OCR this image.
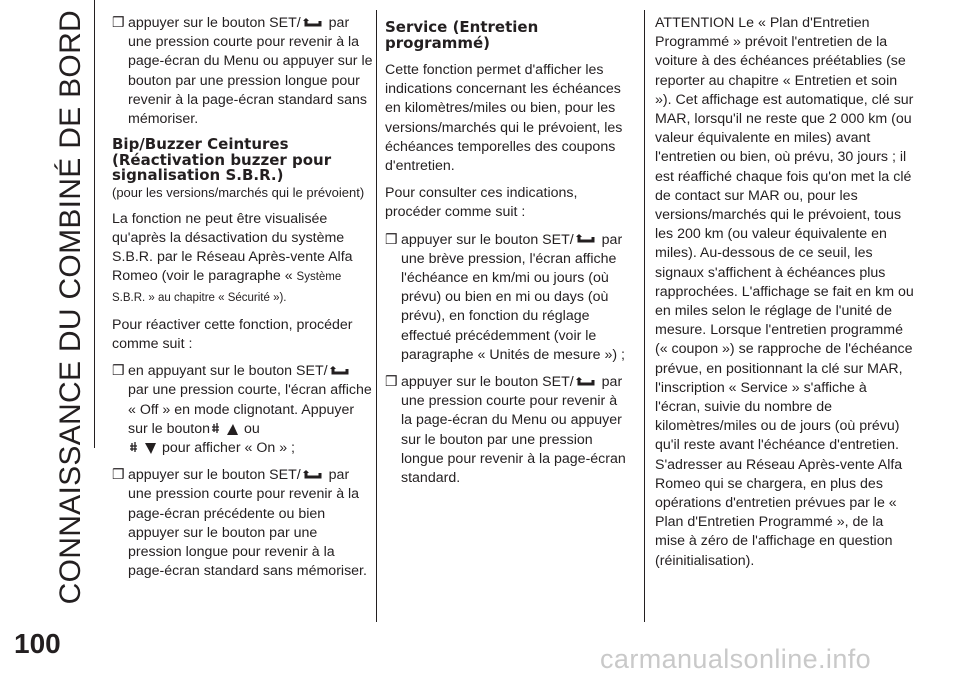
CONNAISSANCE DU COMBINÉ DE BORD
100
❒ appuyer sur le bouton SET/ par une pression courte pour revenir à la page-écran du Menu ou appuyer sur le bouton par une pression longue pour revenir à la page-écran standard sans mémoriser.
Bip/Buzzer Ceintures (Réactivation buzzer pour signalisation S.B.R.)
(pour les versions/marchés qui le prévoient)

La fonction ne peut être visualisée qu'après la désactivation du système S.B.R. par le Réseau Après-vente Alfa Romeo (voir le paragraphe « Système S.B.R. » au chapitre « Sécurité »).

Pour réactiver cette fonction, procéder comme suit :

❒ en appuyant sur le bouton SET/ par une pression courte, l'écran affiche « Off » en mode clignotant. Appuyer sur le bouton ou
pour afficher « On » ;
❒ appuyer sur le bouton SET/ par une pression courte pour revenir à la page-écran précédente ou bien appuyer sur le bouton par une pression longue pour revenir à la page-écran standard sans mémoriser.
Service (Entretien programmé)

Cette fonction permet d'afficher les indications concernant les échéances en kilomètres/miles ou bien, pour les versions/marchés qui le prévoient, les échéances temporelles des coupons d'entretien.

Pour consulter ces indications, procéder comme suit :

❒ appuyer sur le bouton SET/ par une brève pression, l'écran affiche l'échéance en km/mi ou jours (où prévu) ou bien en mi ou days (où prévu), en fonction du réglage effectué précédemment (voir le paragraphe « Unités de mesure ») ;
❒ appuyer sur le bouton SET/ par une pression courte pour revenir à la page-écran du Menu ou appuyer sur le bouton par une pression longue pour revenir à la page-écran standard.

ATTENTION Le « Plan d'Entretien Programmé » prévoit l'entretien de la voiture à des échéances préétablies (se reporter au chapitre « Entretien et soin »). Cet affichage est automatique, clé sur MAR, lorsqu'il ne reste que 2 000 km (ou valeur équivalente en miles) avant l'entretien ou bien, où prévu, 30 jours ; il est réaffiché chaque fois qu'on met la clé de contact sur MAR ou, pour les versions/marchés qui le prévoient, tous les 200 km (ou valeur équivalente en miles). Au-dessous de ce seuil, les signaux s'affichent à échéances plus rapprochées. L'affichage se fait en km ou en miles selon le réglage de l'unité de mesure. Lorsque l'entretien programmé (« coupon ») se rapproche de l'échéance prévue, en positionnant la clé sur MAR, l'inscription « Service » s'affiche à l'écran, suivie du nombre de kilomètres/miles ou de jours (où prévu) qu'il reste avant l'échéance d'entretien. S'adresser au Réseau Après-vente Alfa Romeo qui se chargera, en plus des opérations d'entretien prévues par le « Plan d'Entretien Programmé », de la mise à zéro de l'affichage en question (réinitialisation).

carmanualsonline.info
